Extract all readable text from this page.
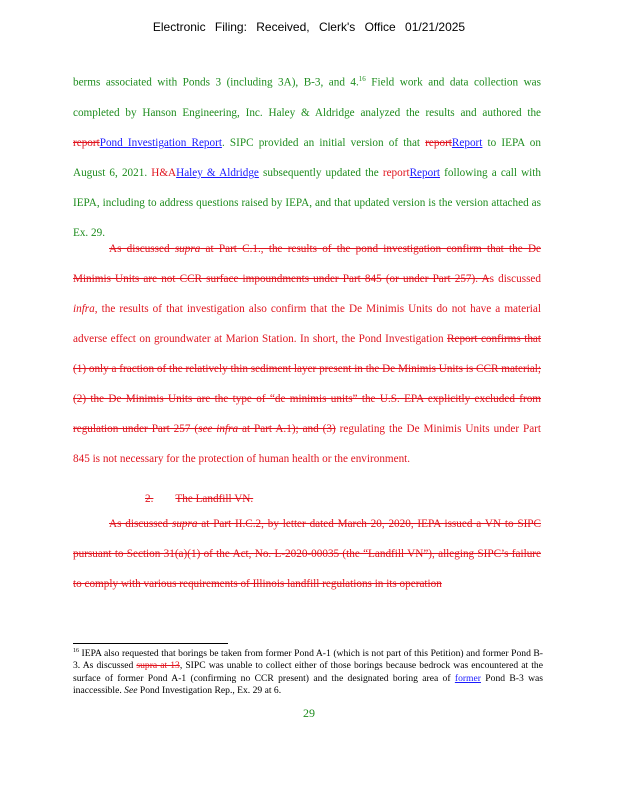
Electronic Filing: Received, Clerk's Office 01/21/2025
berms associated with Ponds 3 (including 3A), B-3, and 4.16 Field work and data collection was completed by Hanson Engineering, Inc. Haley & Aldridge analyzed the results and authored the reportPond Investigation Report. SIPC provided an initial version of that reportReport to IEPA on August 6, 2021. H&AHaley & Aldridge subsequently updated the reportReport following a call with IEPA, including to address questions raised by IEPA, and that updated version is the version attached as Ex. 29.
As discussed supra at Part C.1., the results of the pond investigation confirm that the De Minimis Units are not CCR surface impoundments under Part 845 (or under Part 257). As discussed infra, the results of that investigation also confirm that the De Minimis Units do not have a material adverse effect on groundwater at Marion Station. In short, the Pond Investigation Report confirms that (1) only a fraction of the relatively thin sediment layer present in the De Minimis Units is CCR material; (2) the De Minimis Units are the type of “de minimis units” the U.S. EPA explicitly excluded from regulation under Part 257 (see infra at Part A.1); and (3) regulating the De Minimis Units under Part 845 is not necessary for the protection of human health or the environment.
2. The Landfill VN.
As discussed supra at Part II.C.2, by letter dated March 20, 2020, IEPA issued a VN to SIPC pursuant to Section 31(a)(1) of the Act, No. L-2020-00035 (the “Landfill VN”), alleging SIPC’s failure to comply with various requirements of Illinois landfill regulations in its operation
$^{16}$ IEPA also requested that borings be taken from former Pond A-1 (which is not part of this Petition) and former Pond B-3. As discussed supra at 13, SIPC was unable to collect either of those borings because bedrock was encountered at the surface of former Pond A-1 (confirming no CCR present) and the designated boring area of former Pond B-3 was inaccessible. See Pond Investigation Rep., Ex. 29 at 6.
29
